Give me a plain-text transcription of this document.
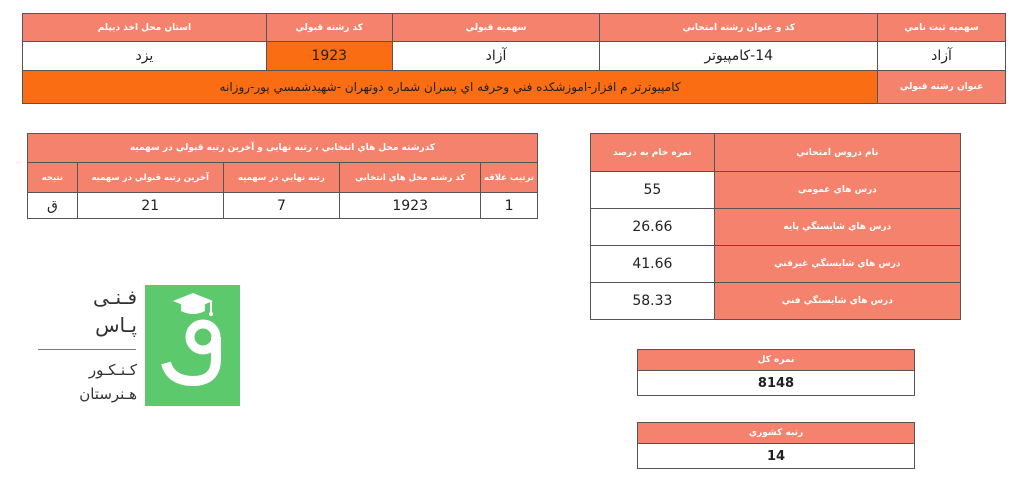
سهميه ثبت نامي	کد و عنوان رشته امتحاني	سهميه قبولي	کد رشته قبولي	استان محل اخذ ديپلم
آزاد	14-کامپيوتر	آزاد	1923	يزد
عنوان رشته قبولي	کامپيوترتر م افزار-اموزشکده فني وحرفه اي پسران شماره دوتهران -شهيدشمسي پور-روزانه			
کدرشته محل هاي انتخابي ، رتبه نهايي و آخرين رتبه قبولي در سهميه				
ترتيب علاقه	کد رشته محل هاي انتخابي	رتبه نهايي در سهميه	آخرين رتبه قبولي در سهميه	نتيجه
1	1923	7	21	ق
نام دروس امتحاني	نمره خام به درصد
درس هاي عمومي	55
درس هاي شايستگي پايه	26.66
درس هاي شايستگي غيرفني	41.66
درس هاي شايستگي فني	58.33
نمره کل
8148
رتبه کشوري
14
فـنـی
پـاس
کـنـکـور
هـنرستان
